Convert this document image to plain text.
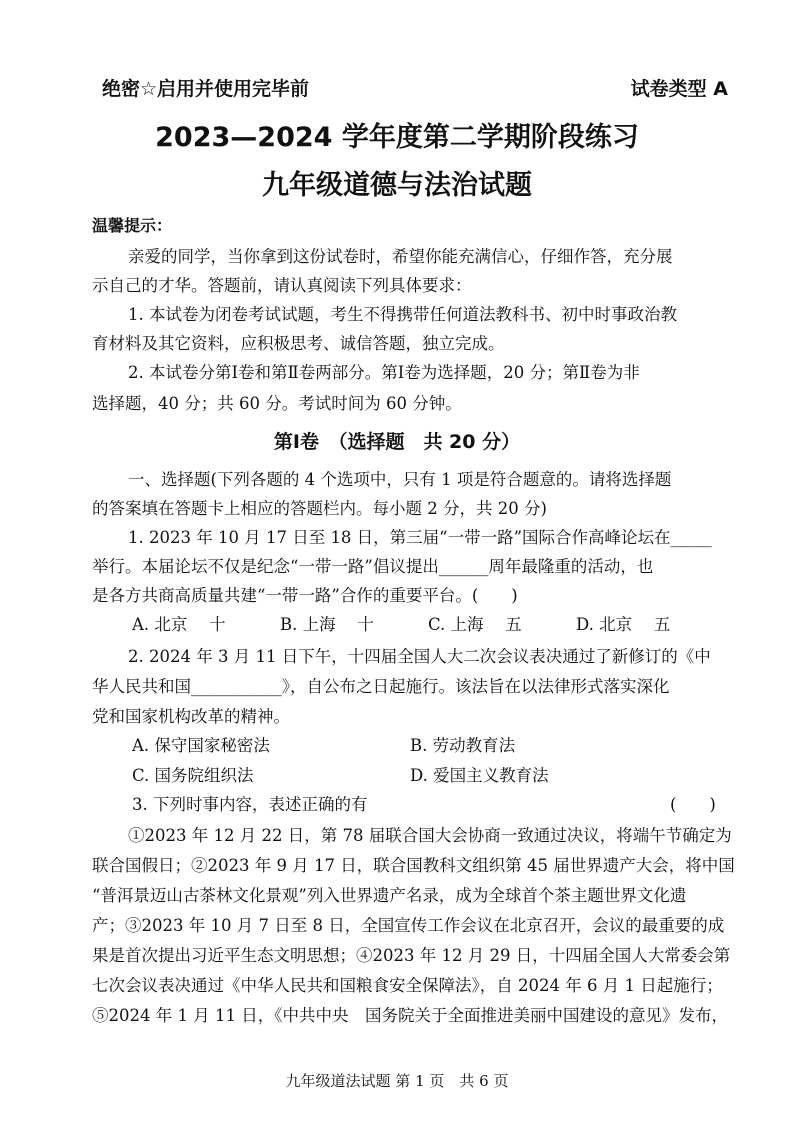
绝密☆启用并使用完毕前	试卷类型 A
2023—2024 学年度第二学期阶段练习
九年级道德与法治试题
温馨提示：
亲爱的同学，当你拿到这份试卷时，希望你能充满信心，仔细作答，充分展
示自己的才华。答题前，请认真阅读下列具体要求：
1. 本试卷为闭卷考试试题，考生不得携带任何道法教科书、初中时事政治教
育材料及其它资料，应积极思考、诚信答题，独立完成。
2. 本试卷分第Ⅰ卷和第Ⅱ卷两部分。第Ⅰ卷为选择题，20 分；第Ⅱ卷为非
选择题，40 分；共 60 分。考试时间为 60 分钟。
第Ⅰ卷　（选择题　共 20 分）
一、选择题(下列各题的 4 个选项中，只有 1 项是符合题意的。请将选择题
的答案填在答题卡上相应的答题栏内。每小题 2 分，共 20 分)
1. 2023 年 10 月 17 日至 18 日，第三届“一带一路”国际合作高峰论坛在_____
举行。本届论坛不仅是纪念“一带一路”倡议提出______周年最隆重的活动，也
是各方共商高质量共建“一带一路”合作的重要平台。(　　)
A. 北京　 十	B. 上海　 十	C. 上海　 五	D. 北京　 五
2. 2024 年 3 月 11 日下午，十四届全国人大二次会议表决通过了新修订的《中
华人民共和国___________》，自公布之日起施行。该法旨在以法律形式落实深化
党和国家机构改革的精神。
A. 保守国家秘密法	B. 劳动教育法
C. 国务院组织法	D. 爱国主义教育法
3. 下列时事内容，表述正确的有	(　　)
①2023 年 12 月 22 日，第 78 届联合国大会协商一致通过决议，将端午节确定为
联合国假日；②2023 年 9 月 17 日，联合国教科文组织第 45 届世界遗产大会，将中国
“普洱景迈山古茶林文化景观”列入世界遗产名录，成为全球首个茶主题世界文化遗
产；③2023 年 10 月 7 日至 8 日，全国宣传工作会议在北京召开，会议的最重要的成
果是首次提出习近平生态文明思想；④2023 年 12 月 29 日，十四届全国人大常委会第
七次会议表决通过《中华人民共和国粮食安全保障法》，自 2024 年 6 月 1 日起施行；
⑤2024 年 1 月 11 日，《中共中央　国务院关于全面推进美丽中国建设的意见》发布，
九年级道法试题 第 1 页　共 6 页
